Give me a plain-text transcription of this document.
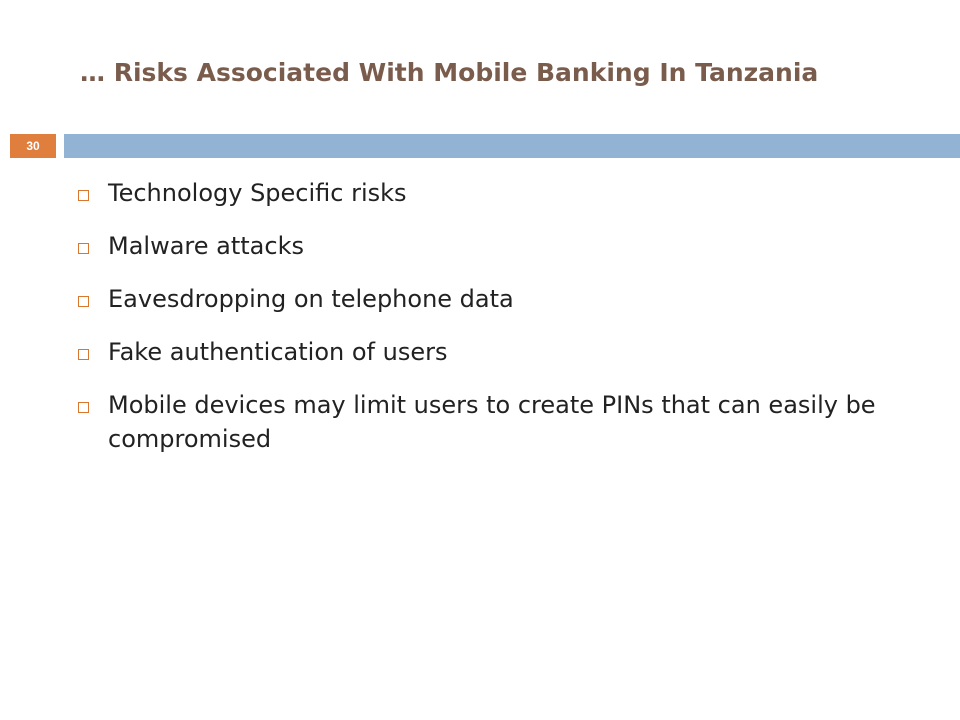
… Risks Associated With Mobile Banking In Tanzania
30
Technology Specific risks
Malware attacks
Eavesdropping on telephone data
Fake authentication of users
Mobile devices may limit users to create PINs that can easily be compromised
